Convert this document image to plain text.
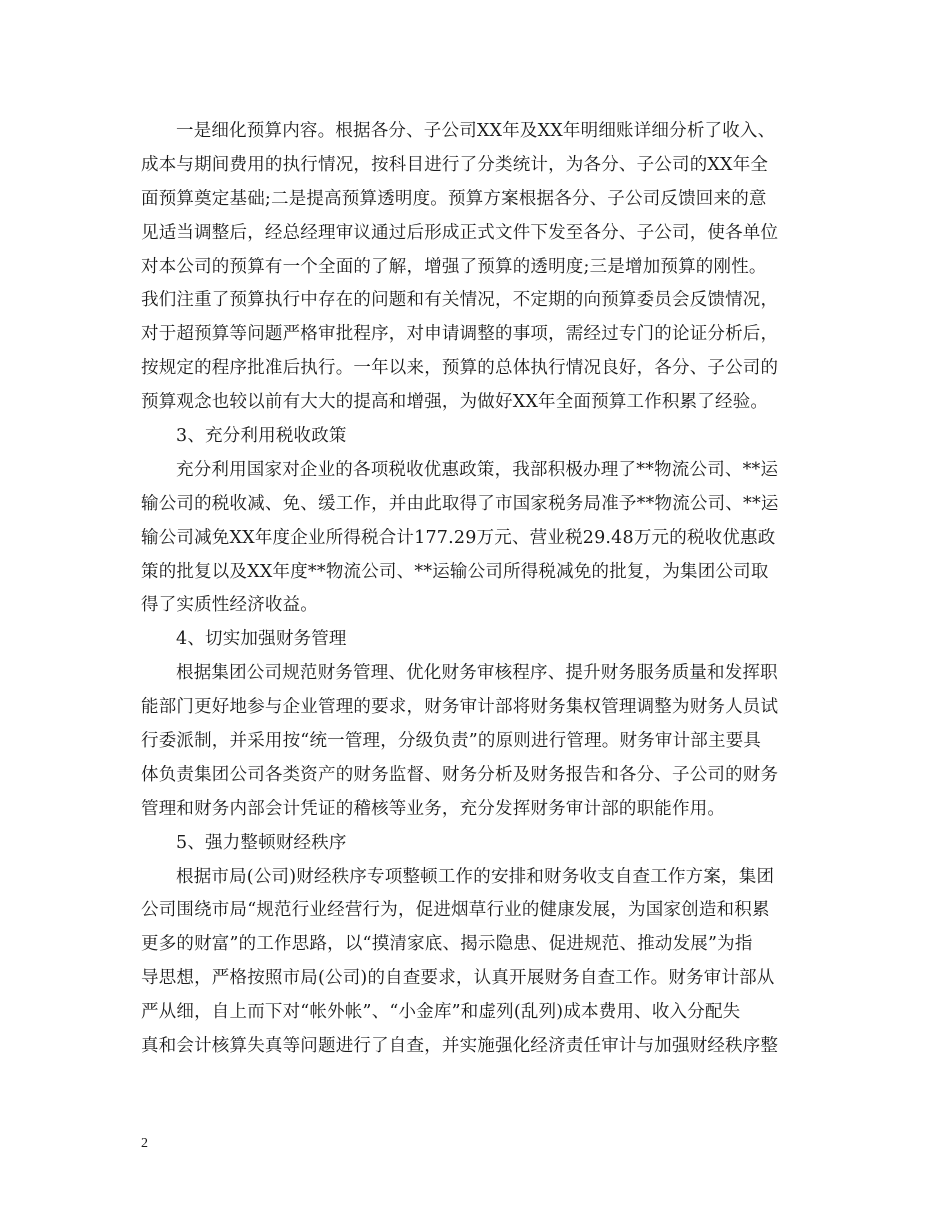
一是细化预算内容。根据各分、子公司XX年及XX年明细账详细分析了收入、
成本与期间费用的执行情况，按科目进行了分类统计，为各分、子公司的XX年全
面预算奠定基础;二是提高预算透明度。预算方案根据各分、子公司反馈回来的意
见适当调整后，经总经理审议通过后形成正式文件下发至各分、子公司，使各单位
对本公司的预算有一个全面的了解，增强了预算的透明度;三是增加预算的刚性。
我们注重了预算执行中存在的问题和有关情况，不定期的向预算委员会反馈情况，
对于超预算等问题严格审批程序，对申请调整的事项，需经过专门的论证分析后，
按规定的程序批准后执行。一年以来，预算的总体执行情况良好，各分、子公司的
预算观念也较以前有大大的提高和增强，为做好XX年全面预算工作积累了经验。
3、充分利用税收政策
充分利用国家对企业的各项税收优惠政策，我部积极办理了**物流公司、**运
输公司的税收减、免、缓工作，并由此取得了市国家税务局准予**物流公司、**运
输公司减免XX年度企业所得税合计177.29万元、营业税29.48万元的税收优惠政
策的批复以及XX年度**物流公司、**运输公司所得税减免的批复，为集团公司取
得了实质性经济收益。
4、切实加强财务管理
根据集团公司规范财务管理、优化财务审核程序、提升财务服务质量和发挥职
能部门更好地参与企业管理的要求，财务审计部将财务集权管理调整为财务人员试
行委派制，并采用按“统一管理，分级负责”的原则进行管理。财务审计部主要具
体负责集团公司各类资产的财务监督、财务分析及财务报告和各分、子公司的财务
管理和财务内部会计凭证的稽核等业务，充分发挥财务审计部的职能作用。
5、强力整顿财经秩序
根据市局(公司)财经秩序专项整顿工作的安排和财务收支自查工作方案，集团
公司围绕市局“规范行业经营行为，促进烟草行业的健康发展，为国家创造和积累
更多的财富”的工作思路，以“摸清家底、揭示隐患、促进规范、推动发展”为指
导思想，严格按照市局(公司)的自查要求，认真开展财务自查工作。财务审计部从
严从细，自上而下对“帐外帐”、“小金库”和虚列(乱列)成本费用、收入分配失
真和会计核算失真等问题进行了自查，并实施强化经济责任审计与加强财经秩序整
2
